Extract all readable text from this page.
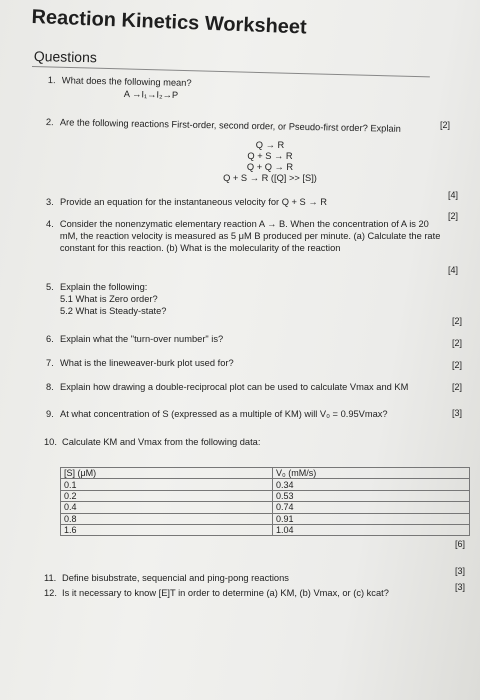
Reaction Kinetics Worksheet
Questions
1. What does the following mean?
A →I₁→I₂→P
2. Are the following reactions First-order, second order, or Pseudo-first order? Explain	[2]
Q → R
Q + S → R
Q + Q → R
Q + S → R ([Q] >> [S])
[4]
3. Provide an equation for the instantaneous velocity for Q + S → R
[2]
4. Consider the nonenzymatic elementary reaction A → B. When the concentration of A is 20 mM, the reaction velocity is measured as 5 μM B produced per minute. (a) Calculate the rate constant for this reaction. (b) What is the molecularity of the reaction
[4]
5. Explain the following:
5.1 What is Zero order?
5.2 What is Steady-state?
[2]
6. Explain what the "turn-over number" is?	[2]
7. What is the lineweaver-burk plot used for?	[2]
8. Explain how drawing a double-reciprocal plot can be used to calculate Vmax and KM	[2]
9. At what concentration of S (expressed as a multiple of KM) will V₀ = 0.95Vmax?	[3]
10. Calculate KM and Vmax from the following data:
[S] (μM)	V₀ (mM/s)
0.1	0.34
0.2	0.53
0.4	0.74
0.8	0.91
1.6	1.04
[6]
11. Define bisubstrate, sequencial and ping-pong reactions
[3]
12. Is it necessary to know [E]T in order to determine (a) KM, (b) Vmax, or (c) kcat?
[3]
